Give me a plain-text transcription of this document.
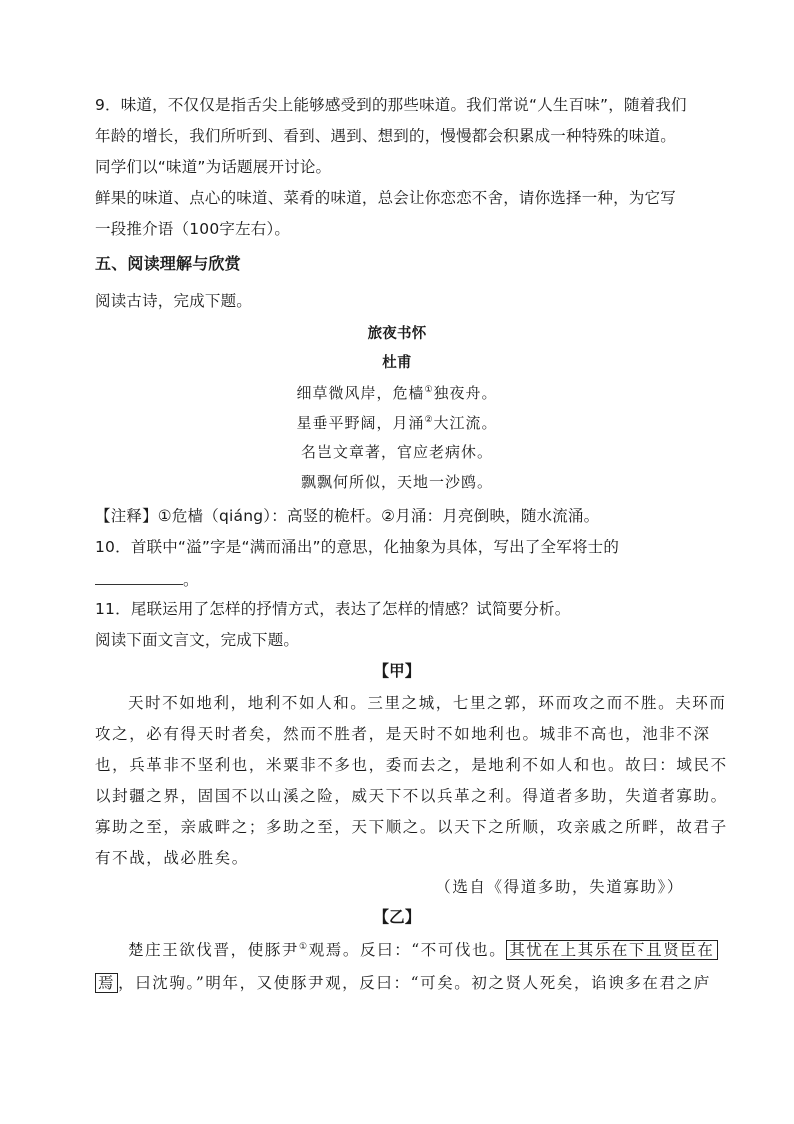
9．味道，不仅仅是指舌尖上能够感受到的那些味道。我们常说“人生百味”，随着我们
年龄的增长，我们所听到、看到、遇到、想到的，慢慢都会积累成一种特殊的味道。
同学们以“味道”为话题展开讨论。
鲜果的味道、点心的味道、菜肴的味道，总会让你恋恋不舍，请你选择一种，为它写
一段推介语（100字左右）。
五、阅读理解与欣赏
阅读古诗，完成下题。
旅夜书怀
杜甫
细草微风岸，危樯①独夜舟。
星垂平野阔，月涌②大江流。
名岂文章著，官应老病休。
飘飘何所似，天地一沙鸥。
【注释】①危樯（qiáng）：高竖的桅杆。②月涌：月亮倒映，随水流涌。
10．首联中“溢”字是“满而涌出”的意思，化抽象为具体，写出了全军将士的
。
11．尾联运用了怎样的抒情方式，表达了怎样的情感？试简要分析。
阅读下面文言文，完成下题。
【甲】
天时不如地利，地利不如人和。三里之城，七里之郭，环而攻之而不胜。夫环而
攻之，必有得天时者矣，然而不胜者，是天时不如地利也。城非不高也，池非不深
也，兵革非不坚利也，米粟非不多也，委而去之，是地利不如人和也。故曰：域民不
以封疆之界，固国不以山溪之险，威天下不以兵革之利。得道者多助，失道者寡助。
寡助之至，亲戚畔之；多助之至，天下顺之。以天下之所顺，攻亲戚之所畔，故君子
有不战，战必胜矣。
（选自《得道多助，失道寡助》）
【乙】
楚庄王欲伐晋，使豚尹①观焉。反曰：“不可伐也。 其忧在上其乐在下且贤臣在
焉 ，曰沈驹。”明年，又使豚尹观，反曰：“可矣。初之贤人死矣，谄谀多在君之庐
